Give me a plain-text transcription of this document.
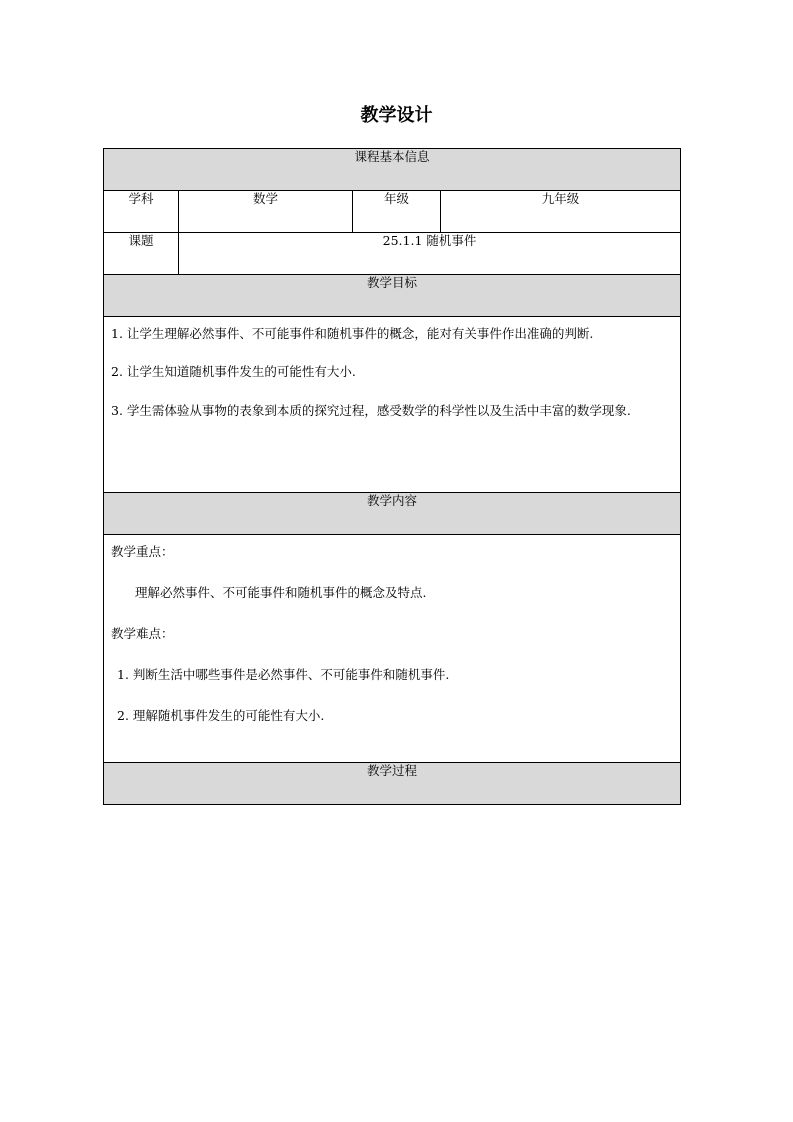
教学设计
课程基本信息			
学科	数学	年级	九年级
课题	25.1.1 随机事件		
教学目标			

1. 让学生理解必然事件、不可能事件和随机事件的概念，能对有关事件作出准确的判断.

2. 让学生知道随机事件发生的可能性有大小.

3. 学生需体验从事物的表象到本质的探究过程，感受数学的科学性以及生活中丰富的数学现象.			

教学内容			

教学重点：

理解必然事件、不可能事件和随机事件的概念及特点.

教学难点：

1. 判断生活中哪些事件是必然事件、不可能事件和随机事件.

2. 理解随机事件发生的可能性有大小.			

教学过程			
